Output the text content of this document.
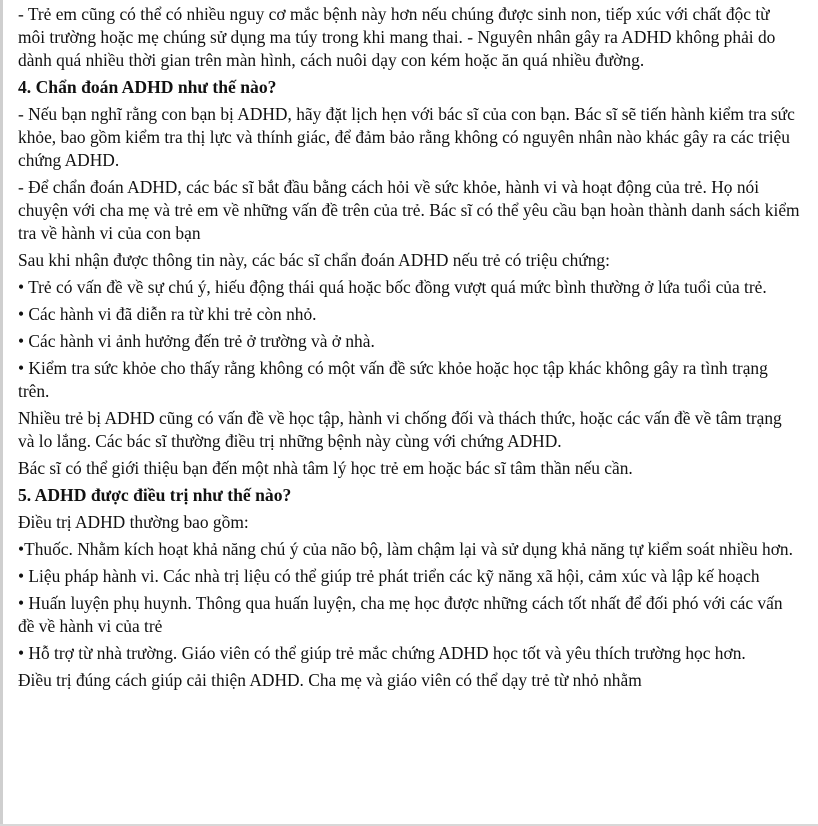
- Trẻ em cũng có thể có nhiều nguy cơ mắc bệnh này hơn nếu chúng được sinh non, tiếp xúc với chất độc từ môi trường hoặc mẹ chúng sử dụng ma túy trong khi mang thai. - Nguyên nhân gây ra ADHD không phải do dành quá nhiều thời gian trên màn hình, cách nuôi dạy con kém hoặc ăn quá nhiều đường.

4. Chẩn đoán ADHD như thế nào?

- Nếu bạn nghĩ rằng con bạn bị ADHD, hãy đặt lịch hẹn với bác sĩ của con bạn. Bác sĩ sẽ tiến hành kiểm tra sức khỏe, bao gồm kiểm tra thị lực và thính giác, để đảm bảo rằng không có nguyên nhân nào khác gây ra các triệu chứng ADHD.

- Để chẩn đoán ADHD, các bác sĩ bắt đầu bằng cách hỏi về sức khỏe, hành vi và hoạt động của trẻ. Họ nói chuyện với cha mẹ và trẻ em về những vấn đề trên của trẻ. Bác sĩ có thể yêu cầu bạn hoàn thành danh sách kiểm tra về hành vi của con bạn

Sau khi nhận được thông tin này, các bác sĩ chẩn đoán ADHD nếu trẻ có triệu chứng:

• Trẻ có vấn đề về sự chú ý, hiếu động thái quá hoặc bốc đồng vượt quá mức bình thường ở lứa tuổi của trẻ.

• Các hành vi đã diễn ra từ khi trẻ còn nhỏ.

• Các hành vi ảnh hưởng đến trẻ ở trường và ở nhà.

• Kiểm tra sức khỏe cho thấy rằng không có một vấn đề sức khỏe hoặc học tập khác không gây ra tình trạng trên.

Nhiều trẻ bị ADHD cũng có vấn đề về học tập, hành vi chống đối và thách thức, hoặc các vấn đề về tâm trạng và lo lắng. Các bác sĩ thường điều trị những bệnh này cùng với chứng ADHD.

Bác sĩ có thể giới thiệu bạn đến một nhà tâm lý học trẻ em hoặc bác sĩ tâm thần nếu cần.

5. ADHD được điều trị như thế nào?

Điều trị ADHD thường bao gồm:

•Thuốc. Nhằm kích hoạt khả năng chú ý của não bộ, làm chậm lại và sử dụng khả năng tự kiểm soát nhiều hơn.

• Liệu pháp hành vi. Các nhà trị liệu có thể giúp trẻ phát triển các kỹ năng xã hội, cảm xúc và lập kế hoạch

• Huấn luyện phụ huynh. Thông qua huấn luyện, cha mẹ học được những cách tốt nhất để đối phó với các vấn đề về hành vi của trẻ

• Hỗ trợ từ nhà trường. Giáo viên có thể giúp trẻ mắc chứng ADHD học tốt và yêu thích trường học hơn.

Điều trị đúng cách giúp cải thiện ADHD. Cha mẹ và giáo viên có thể dạy trẻ từ nhỏ nhằm
